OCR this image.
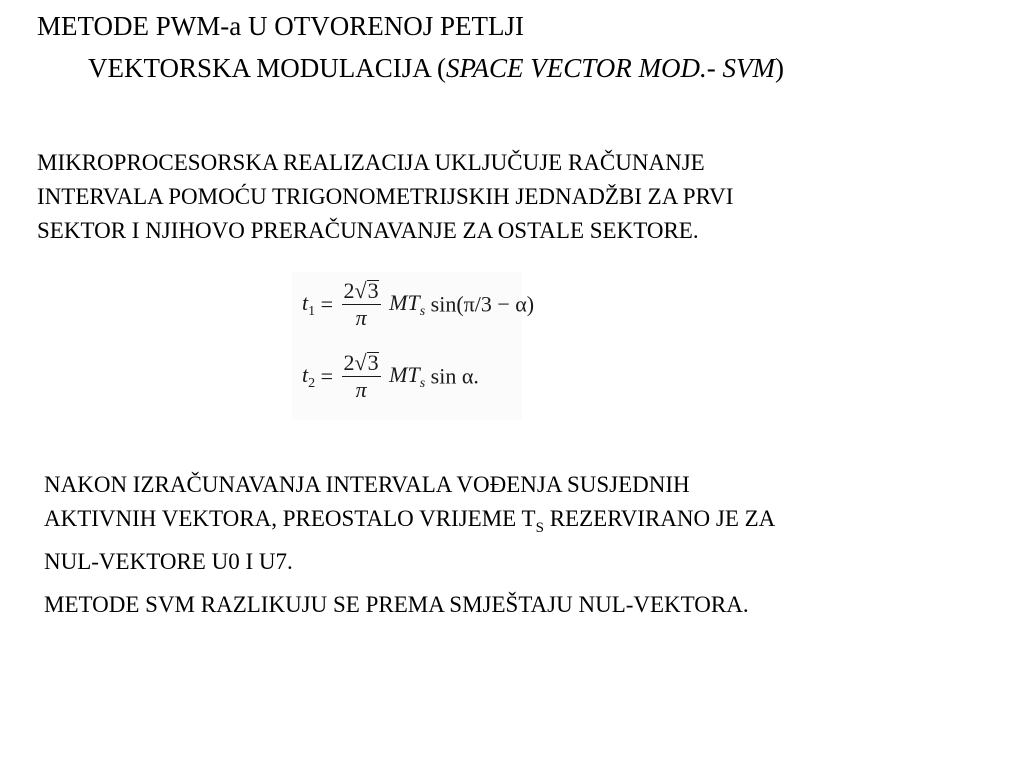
METODE PWM-a U OTVORENOJ PETLJI
VEKTORSKA MODULACIJA (SPACE VECTOR MOD.- SVM)
MIKROPROCESORSKA REALIZACIJA UKLJUČUJE RAČUNANJE
INTERVALA POMOĆU TRIGONOMETRIJSKIH JEDNADŽBI ZA PRVI
SEKTOR I NJIHOVO PRERAČUNAVANJE ZA OSTALE SEKTORE.
$t_1 = \frac{2√3}{\pi} MT_s$ sin(π/3 − α)
$t_2 = \frac{2√3}{\pi} MT_s$ sin α.
NAKON IZRAČUNAVANJA INTERVALA VOĐENJA SUSJEDNIH
AKTIVNIH VEKTORA, PREOSTALO VRIJEME $T_S$ REZERVIRANO JE ZA
NUL-VEKTORE U0 I U7.
METODE SVM RAZLIKUJU SE PREMA SMJEŠTAJU NUL-VEKTORA.
